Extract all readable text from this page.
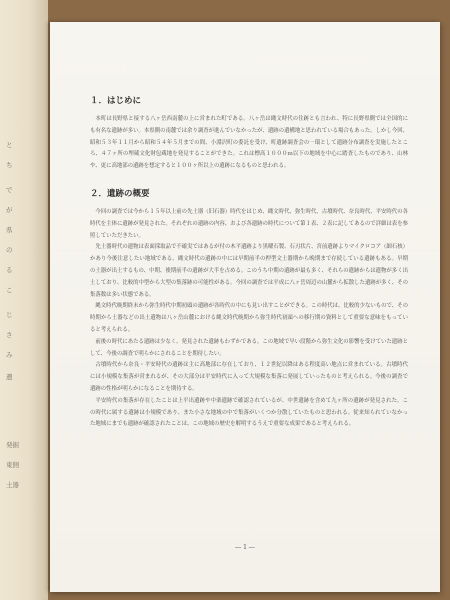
と
ち
で
が
県
の
る
こ
じ
さ
み
遺
発掘
東側
土器
１．はじめに

本町は長野県と接する八ヶ岳西南麓の上に営まれた町である。八ヶ岳は縄文時代の住跡とも言われ、特に長野県側では全国的にも有名な遺跡が多い。本県側の南麓では余り調査が進んでいなかったが、遺跡の遺構地と思われている場合もあった。しかし今回、昭和５３年１１月から昭和５４年５月までの間、小淵沢町の委託を受け、町遺跡調査会の一環として遺跡分布調査を実施したところ、４７ヶ所の埋蔵文化財包蔵地を発見することができた。これは標高１０００ｍ以下の地域を中心に踏査したものであり、山林や、更に高地部の遺跡を想定すると１００ヶ所以上の遺跡になるものと思われる。

２．遺跡の概要

今回の調査では今から１５年以上前の先土器（旧石器）時代をはじめ、縄文時代、弥生時代、古墳時代、奈良時代、平安時代の各時代を主体に遺跡が発見された。それぞれの遺跡の内容、および各遺跡の時代について第１表、２表に記してあるので詳細は表を参照していただきたい。

先土器時代の遺物は表面採取品で不確実ではあるが付の木平遺跡より黒曜石製、石刃状片、宮前遺跡よりマイクロコア（細石核）かあり今後注意したい地域である。縄文時代の遺跡の中には早期前半の押型文土器期から晩期まで存続している遺跡もある。早期の土器が出土するもの、中期、後期前半の遺跡が大半を占める。このうち中期の遺跡が最も多く、それらの遺跡からは遺物が多く出土しており、比較的中型から大型の集落跡の可能性がある。今回の調査では平成に八ヶ岳周辺の山麓から拡散した遺跡が多く、その集落数は多い状態である。

縄文時代晩期終末から弥生時代中期初頭の遺跡が各時代の中にも見い出すことができる。この時代は、比較的少ないもので、その時期から土器などの出土遺物は八ヶ岳山麓における縄文時代晩期から弥生時代初頭への移行期の資料として重要な意味をもっていると考えられる。

前後の時代にあたる遺跡は少なく、発見された遺跡もわずかである。この地域で早い段階から弥生文化の影響を受けていた遺跡として、今後の調査で明らかにされることを期待したい。

古墳時代から奈良・平安時代の遺跡は主に高地部に存在しており、１２世紀以降はある程度高い地点に営まれている。古墳時代には小規模な集落が営まれるが、その大部分は平安時代に入って大規模な集落に発展していったものと考えられる。今後の調査で遺跡の性格が明らかになることを期待する。

平安時代の集落が存在したことは上平出遺跡や中楽遺跡で確認されているが、中世遺跡を含めて九ヶ所の遺跡が発見された。この時代に属する遺跡は小規模であり、また小さな地域の中で集落がいくつか分散していたものと思われる。従来知られていなかった地域にまでも遺跡が確認されたことは、この地域の歴史を解明するうえで重要な成果であると考えられる。

― 1 ―
